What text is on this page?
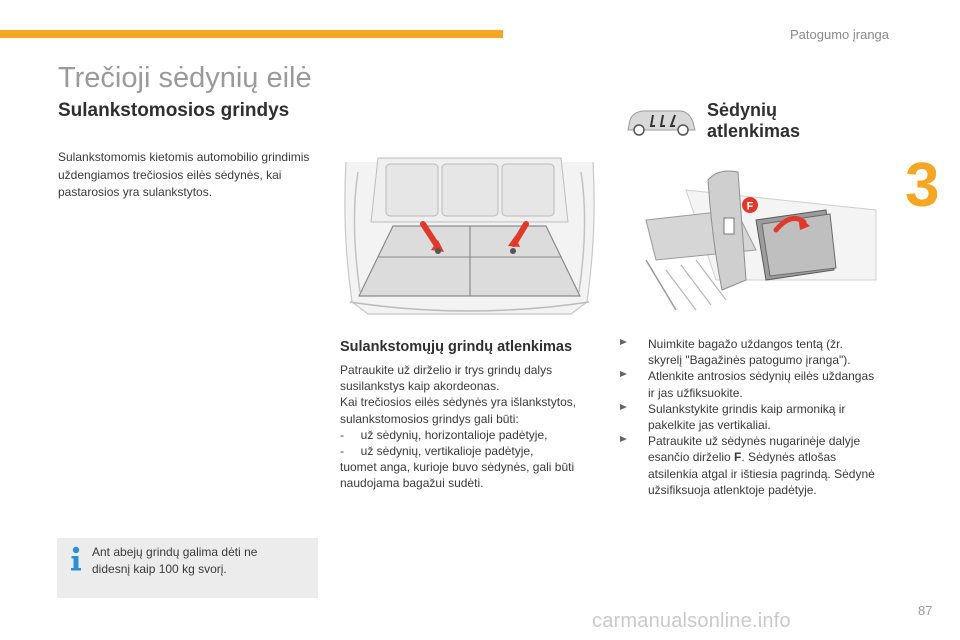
Patogumo įranga
3
Trečioji sėdynių eilė
Sulankstomosios grindys
Sulankstomomis kietomis automobilio grindimis
uždengiamos trečiosios eilės sėdynės, kai
pastarosios yra sulankstytos.
Sulankstomųjų grindų atlenkimas
Patraukite už dirželio ir trys grindų dalys
susilankstys kaip akordeonas.
Kai trečiosios eilės sėdynės yra išlankstytos,
sulankstomosios grindys gali būti:
-     už sėdynių, horizontalioje padėtyje,
-     už sėdynių, vertikalioje padėtyje,
tuomet anga, kurioje buvo sėdynės, gali būti
naudojama bagažui sudėti.
Ant abejų grindų galima dėti ne
didesnį kaip 100 kg svorį.
Sėdynių
atlenkimas
F
Nuimkite bagažo uždangos tentą (žr.
skyrelį "Bagažinės patogumo įranga").
Atlenkite antrosios sėdynių eilės uždangas
ir jas užfiksuokite.
Sulankstykite grindis kaip armoniką ir
pakelkite jas vertikaliai.
Patraukite už sėdynės nugarinėje dalyje
esančio dirželio F. Sėdynės atlošas
atsilenkia atgal ir ištiesia pagrindą. Sėdynė
užsifiksuoja atlenktoje padėtyje.
87
carmanualsonline.info
